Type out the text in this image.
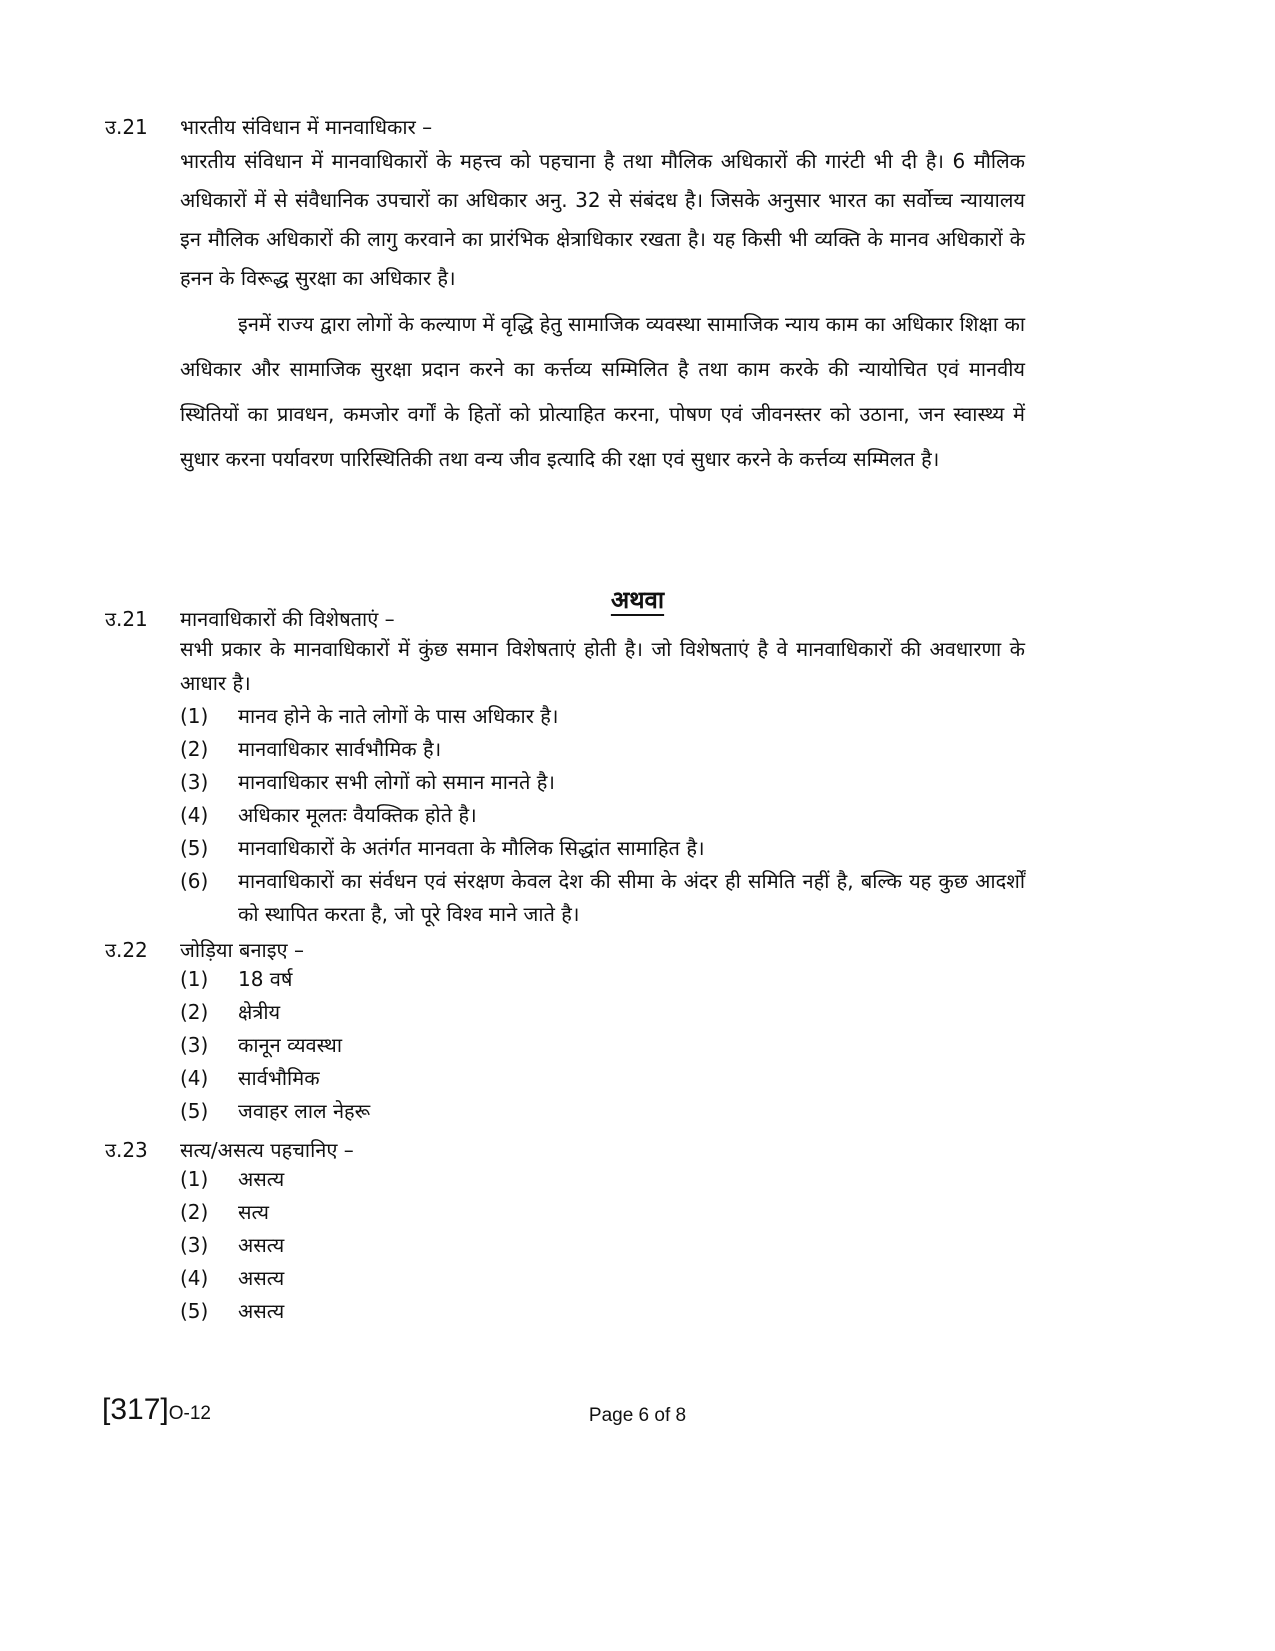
उ.21	भारतीय संविधान में मानवाधिकार –
भारतीय संविधान में मानवाधिकारों के महत्त्व को पहचाना है तथा मौलिक अधिकारों की गारंटी भी दी है। 6 मौलिक अधिकारों में से संवैधानिक उपचारों का अधिकार अनु. 32 से संबंदध है। जिसके अनुसार भारत का सर्वोच्च न्यायालय इन मौलिक अधिकारों की लागु करवाने का प्रारंभिक क्षेत्राधिकार रखता है। यह किसी भी व्यक्ति के मानव अधिकारों के हनन के विरूद्ध सुरक्षा का अधिकार है।
इनमें राज्य द्वारा लोगों के कल्याण में वृद्धि हेतु सामाजिक व्यवस्था सामाजिक न्याय काम का अधिकार शिक्षा का अधिकार और सामाजिक सुरक्षा प्रदान करने का कर्त्तव्य सम्मिलित है तथा काम करके की न्यायोचित एवं मानवीय स्थितियों का प्रावधन, कमजोर वर्गों के हितों को प्रोत्याहित करना, पोषण एवं जीवनस्तर को उठाना, जन स्वास्थ्य में सुधार करना पर्यावरण पारिस्थितिकी तथा वन्य जीव इत्यादि की रक्षा एवं सुधार करने के कर्त्तव्य सम्मिलत है।
अथवा
उ.21	मानवाधिकारों की विशेषताएं –
सभी प्रकार के मानवाधिकारों में कुंछ समान विशेषताएं होती है। जो विशेषताएं है वे मानवाधिकारों की अवधारणा के आधार है।
(1)	मानव होने के नाते लोगों के पास अधिकार है।
(2)	मानवाधिकार सार्वभौमिक है।
(3)	मानवाधिकार सभी लोगों को समान मानते है।
(4)	अधिकार मूलतः वैयक्तिक होते है।
(5)	मानवाधिकारों के अतंर्गत मानवता के मौलिक सिद्धांत सामाहित है।
(6)	मानवाधिकारों का संर्वधन एवं संरक्षण केवल देश की सीमा के अंदर ही समिति नहीं है, बल्कि यह कुछ आदर्शों को स्थापित करता है, जो पूरे विश्व माने जाते है।
उ.22	जोड़िया बनाइए –
(1)	18 वर्ष
(2)	क्षेत्रीय
(3)	कानून व्यवस्था
(4)	सार्वभौमिक
(5)	जवाहर लाल नेहरू
उ.23	सत्य/असत्य पहचानिए –
(1)	असत्य
(2)	सत्य
(3)	असत्य
(4)	असत्य
(5)	असत्य
[317]O-12	Page 6 of 8
